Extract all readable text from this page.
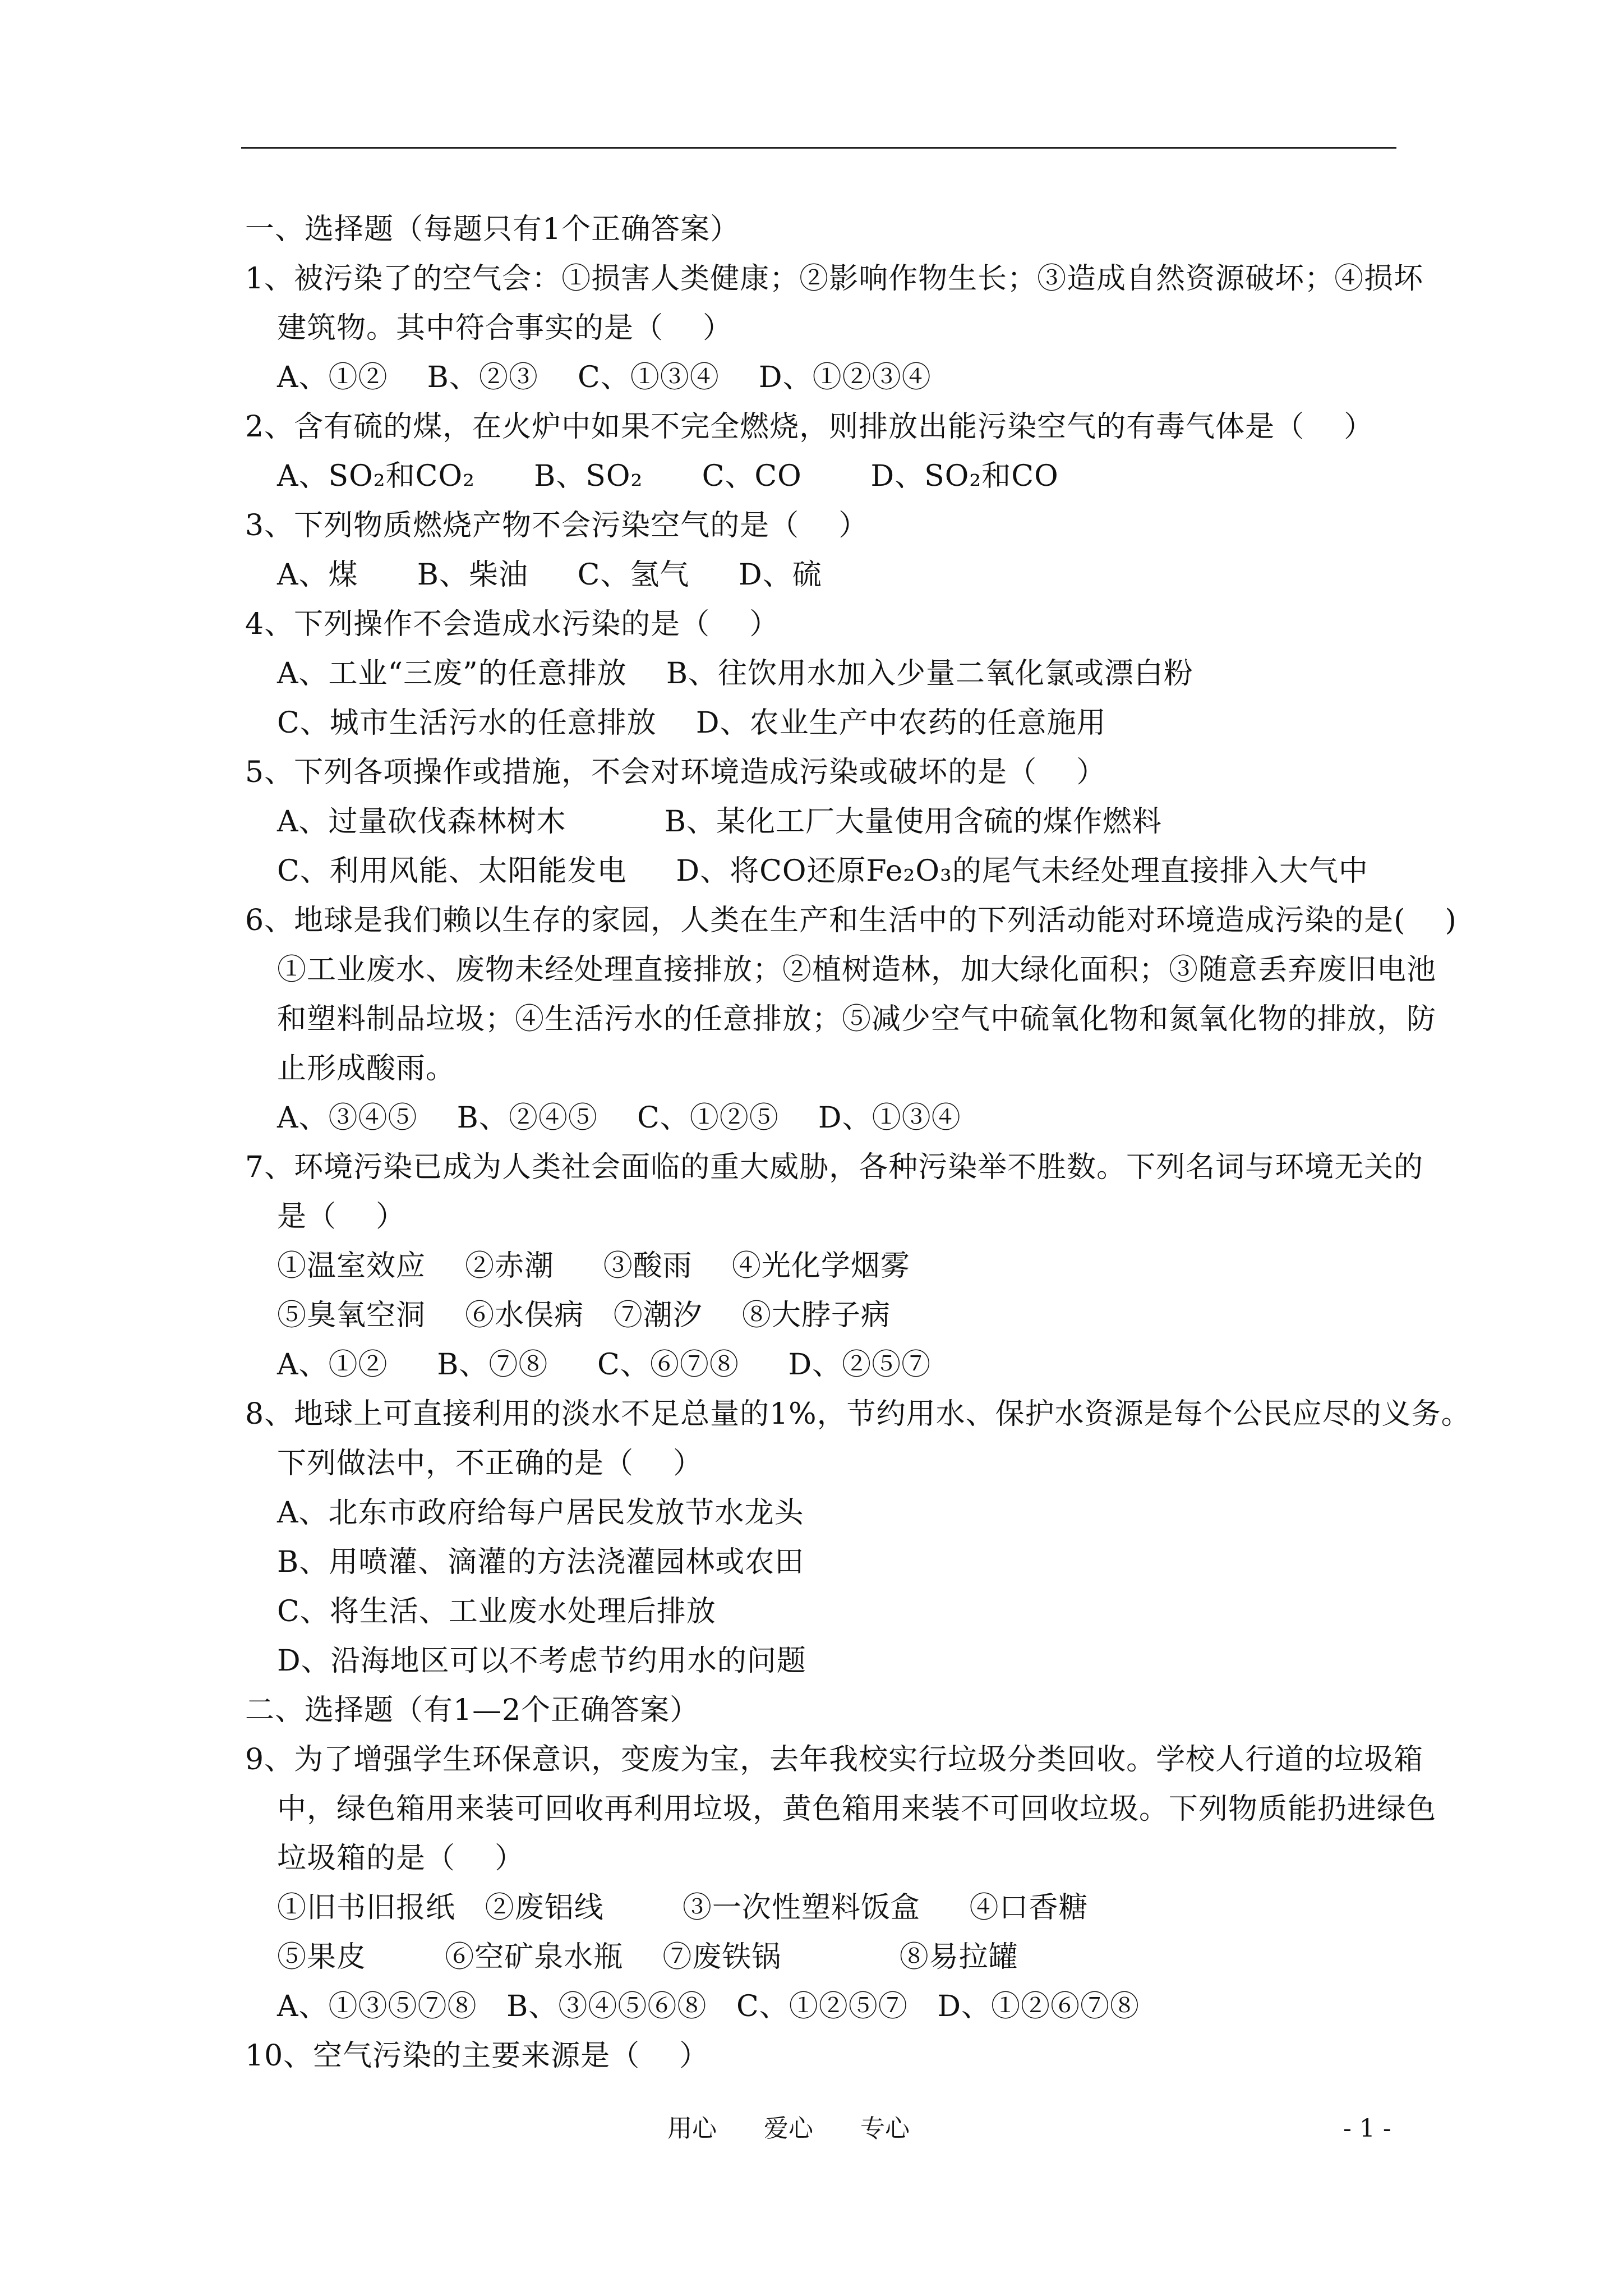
一、选择题（每题只有1个正确答案）
1、被污染了的空气会：①损害人类健康；②影响作物生长；③造成自然资源破坏；④损坏
建筑物。其中符合事实的是（    ）
A、①②    B、②③    C、①③④    D、①②③④
2、含有硫的煤，在火炉中如果不完全燃烧，则排放出能污染空气的有毒气体是（    ）
A、SO₂和CO₂      B、SO₂      C、CO       D、SO₂和CO
3、下列物质燃烧产物不会污染空气的是（    ）
A、煤      B、柴油     C、氢气     D、硫
4、下列操作不会造成水污染的是（    ）
A、工业“三废”的任意排放    B、往饮用水加入少量二氧化氯或漂白粉
C、城市生活污水的任意排放    D、农业生产中农药的任意施用
5、下列各项操作或措施，不会对环境造成污染或破坏的是（    ）
A、过量砍伐森林树木          B、某化工厂大量使用含硫的煤作燃料
C、利用风能、太阳能发电     D、将CO还原Fe₂O₃的尾气未经处理直接排入大气中
6、地球是我们赖以生存的家园，人类在生产和生活中的下列活动能对环境造成污染的是(    )
①工业废水、废物未经处理直接排放；②植树造林，加大绿化面积；③随意丢弃废旧电池
和塑料制品垃圾；④生活污水的任意排放；⑤减少空气中硫氧化物和氮氧化物的排放，防
止形成酸雨。
A、③④⑤    B、②④⑤    C、①②⑤    D、①③④
7、环境污染已成为人类社会面临的重大威胁，各种污染举不胜数。下列名词与环境无关的
是（    ）
①温室效应    ②赤潮     ③酸雨    ④光化学烟雾
⑤臭氧空洞    ⑥水俣病   ⑦潮汐    ⑧大脖子病
A、①②     B、⑦⑧     C、⑥⑦⑧     D、②⑤⑦
8、地球上可直接利用的淡水不足总量的1%，节约用水、保护水资源是每个公民应尽的义务。
下列做法中，不正确的是（    ）
A、北东市政府给每户居民发放节水龙头
B、用喷灌、滴灌的方法浇灌园林或农田
C、将生活、工业废水处理后排放
D、沿海地区可以不考虑节约用水的问题
二、选择题（有1—2个正确答案）
9、为了增强学生环保意识，变废为宝，去年我校实行垃圾分类回收。学校人行道的垃圾箱
中，绿色箱用来装可回收再利用垃圾，黄色箱用来装不可回收垃圾。下列物质能扔进绿色
垃圾箱的是（    ）
①旧书旧报纸   ②废铝线        ③一次性塑料饭盒     ④口香糖
⑤果皮        ⑥空矿泉水瓶    ⑦废铁锅            ⑧易拉罐
A、①③⑤⑦⑧   B、③④⑤⑥⑧   C、①②⑤⑦   D、①②⑥⑦⑧
10、空气污染的主要来源是（    ）
用心 爱心 专心	- 1 -
